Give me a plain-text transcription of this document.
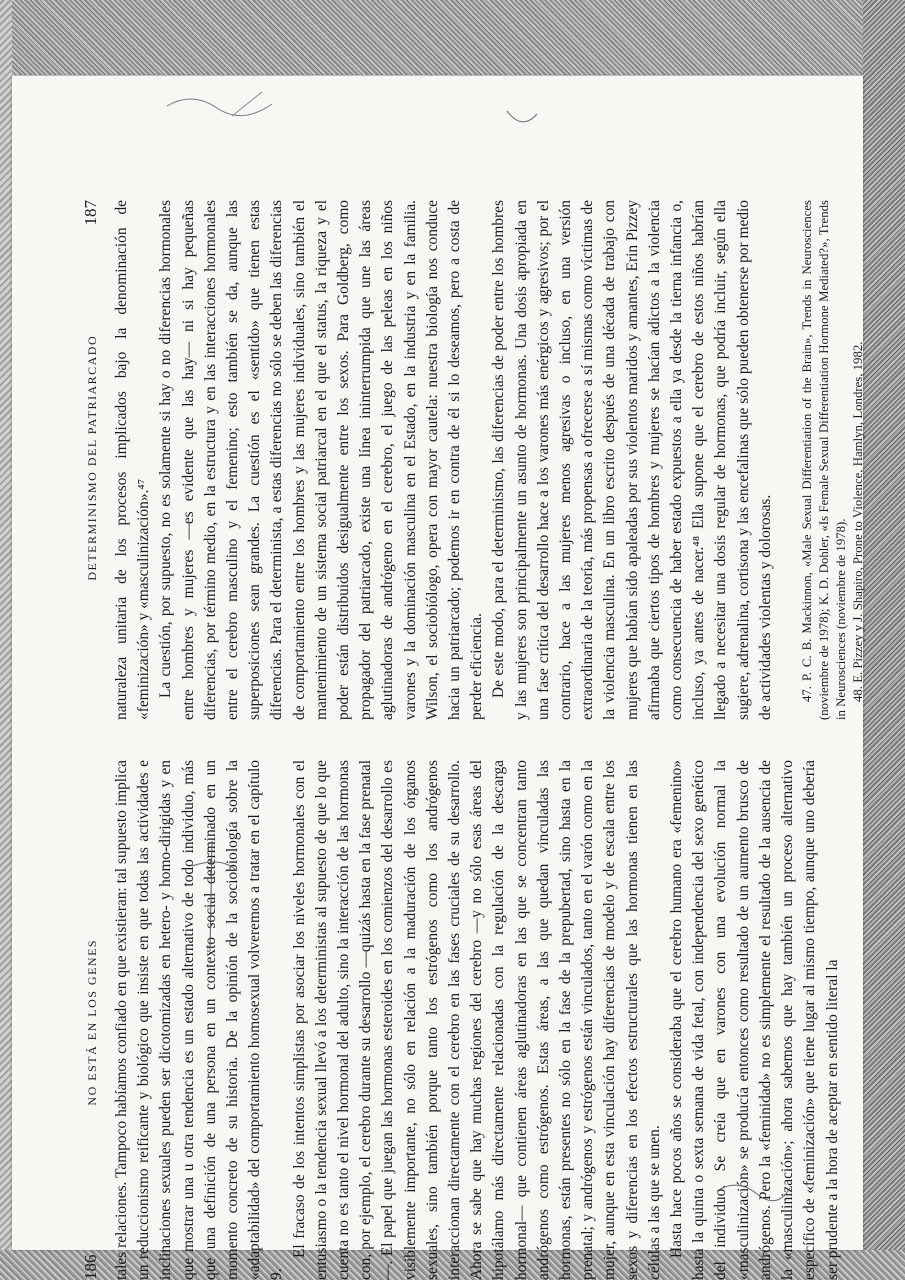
186
NO ESTÁ EN LOS GENES tales relaciones. Tampoco habíamos confiado en que existieran: tal supuesto implica un reduccionismo reificante y biológico que insiste en que todas las actividades e inclinaciones sexuales pueden ser dicotomizadas en hetero- y homo-dirigidas y en que mostrar una u otra tendencia es un estado alternativo de todo individuo, más que una definición de una persona en un contexto social determinado en un momento concreto de su historia. De la opinión de la sociobiología sobre la «adaptabilidad» del comportamiento homosexual volveremos a tratar en el capítulo 9.

El fracaso de los intentos simplistas por asociar los niveles hormonales con el entusiasmo o la tendencia sexual llevó a los deterministas al supuesto de que lo que cuenta no es tanto el nivel hormonal del adulto, sino la interacción de las hormonas con, por ejemplo, el cerebro durante su desarrollo —quizás hasta en la fase prenatal—. El papel que juegan las hormonas esteroides en los comienzos del desarrollo es visiblemente importante, no sólo en relación a la maduración de los órganos sexuales, sino también porque tanto los estrógenos como los andrógenos interaccionan directamente con el cerebro en las fases cruciales de su desarrollo. Ahora se sabe que hay muchas regiones del cerebro —y no sólo esas áreas del hipotálamo más directamente relacionadas con la regulación de la descarga hormonal— que contienen áreas aglutinadoras en las que se concentran tanto andrógenos como estrógenos. Estas áreas, a las que quedan vinculadas las hormonas, están presentes no sólo en la fase de la prepubertad, sino hasta en la prenatal; y andrógenos y estrógenos están vinculados, tanto en el varón como en la mujer, aunque en esta vinculación hay diferencias de modelo y de escala entre los sexos y diferencias en los efectos estructurales que las hormonas tienen en las células a las que se unen. Hasta hace pocos años se consideraba que el cerebro humano era «femenino» hasta la quinta o sexta semana de vida fetal, con independencia del sexo genético del individuo. Se creía que en varones con una evolución normal la «masculinización» se producía entonces como resultado de un aumento brusco de andrógenos. Pero la «feminidad» no es simplemente el resultado de la ausencia de la «masculinización»; ahora sabemos que hay también un proceso alternativo específico de «feminización» que tiene lugar al mismo tiempo, aunque uno debería ser prudente a la hora de aceptar en sentido literal la

DETERMINISMO DEL PATRIARCADO
187 naturaleza unitaria de los procesos implicados bajo la denominación de «feminización» y «masculinización».⁴⁷ La cuestión, por supuesto, no es solamente si hay o no diferencias hormonales entre hombres y mujeres —es evidente que las hay— ni si hay pequeñas diferencias, por término medio, en la estructura y en las interacciones hormonales entre el cerebro masculino y el femenino; esto también se da, aunque las superposiciones sean grandes. La cuestión es el «sentido» que tienen estas diferencias. Para el determinista, a estas diferencias no sólo se deben las diferencias de comportamiento entre los hombres y las mujeres individuales, sino también el mantenimiento de un sistema social patriarcal en el que el status, la riqueza y el poder están distribuidos desigualmente entre los sexos. Para Goldberg, como propagador del patriarcado, existe una línea ininterrumpida que une las áreas aglutinadoras de andrógeno en el cerebro, el juego de las peleas en los niños varones y la dominación masculina en el Estado, en la industria y en la familia. Wilson, el sociobiólogo, opera con mayor cautela: nuestra biología nos conduce hacia un patriarcado; podemos ir en contra de él si lo deseamos, pero a costa de perder eficiencia. De este modo, para el determinismo, las diferencias de poder entre los hombres y las mujeres son principalmente un asunto de hormonas. Una dosis apropiada en una fase crítica del desarrollo hace a los varones más enérgicos y agresivos; por el contrario, hace a las mujeres menos agresivas o incluso, en una versión extraordinaria de la teoría, más propensas a ofrecerse a sí mismas como víctimas de la violencia masculina. En un libro escrito después de una década de trabajo con mujeres que habían sido apaleadas por sus violentos maridos y amantes, Erin Pizzey afirmaba que ciertos tipos de hombres y mujeres se hacían adictos a la violencia como consecuencia de haber estado expuestos a ella ya desde la tierna infancia o, incluso, ya antes de nacer.⁴⁸ Ella supone que el cerebro de estos niños habrían llegado a necesitar una dosis regular de hormonas, que podría incluir, según ella sugiere, adrenalina, cortisona y las encefalinas que sólo pueden obtenerse por medio de actividades violentas y dolorosas. 47. P. C. B. Mackinnon, «Male Sexual Differentiation of the Brain», Trends in Neurosciences (noviembre de 1978); K. D. Dohler, «Is Female Sexual Differentiation Hormone Mediated?», Trends in Neurosciences (noviembre de 1978). 48. E. Pizzey y J. Shapiro, Prone to Violence, Hamlyn, Londres, 1982.
